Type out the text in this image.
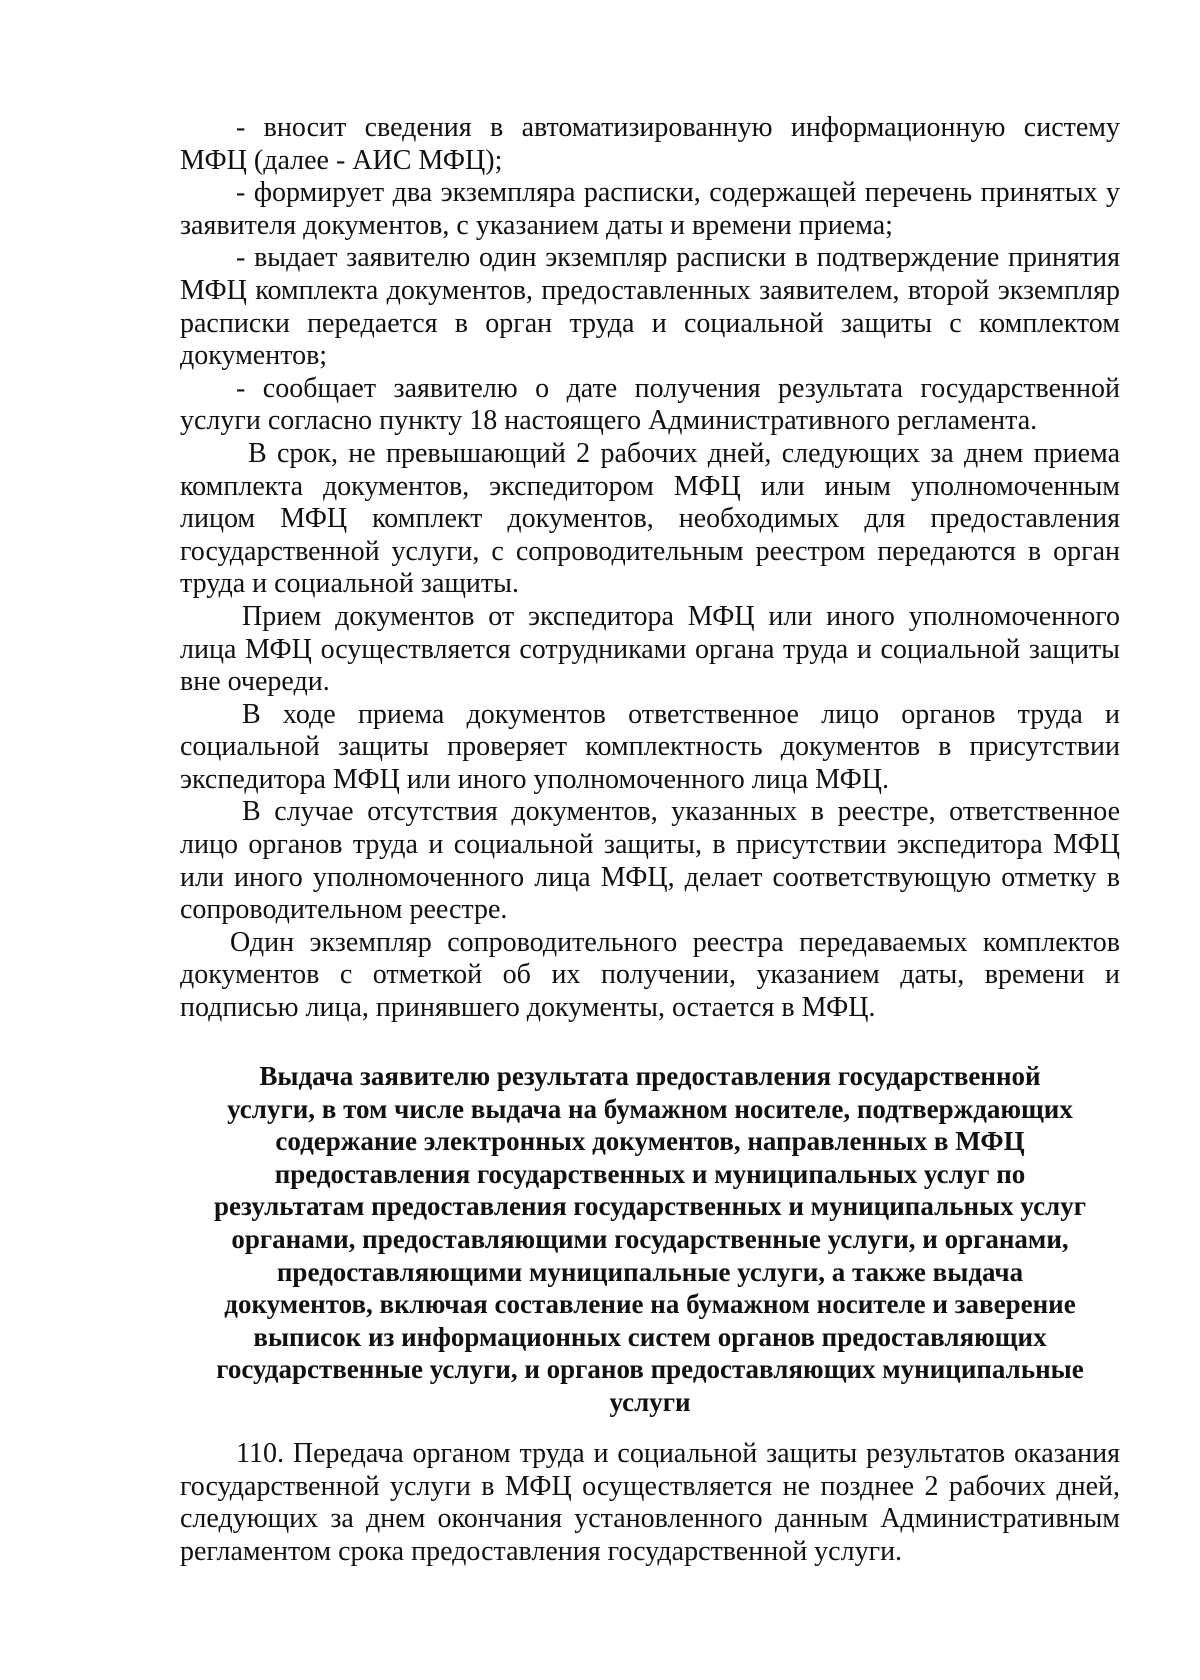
- вносит сведения в автоматизированную информационную систему МФЦ (далее - АИС МФЦ);

- формирует два экземпляра расписки, содержащей перечень принятых у заявителя документов, с указанием даты и времени приема;

- выдает заявителю один экземпляр расписки в подтверждение принятия МФЦ комплекта документов, предоставленных заявителем, второй экземпляр расписки передается в орган труда и социальной защиты с комплектом документов;

- сообщает заявителю о дате получения результата государственной услуги согласно пункту 18 настоящего Административного регламента.

В срок, не превышающий 2 рабочих дней, следующих за днем приема комплекта документов, экспедитором МФЦ или иным уполномоченным лицом МФЦ комплект документов, необходимых для предоставления государственной услуги, с сопроводительным реестром передаются в орган труда и социальной защиты.

Прием документов от экспедитора МФЦ или иного уполномоченного лица МФЦ осуществляется сотрудниками органа труда и социальной защиты вне очереди.

В ходе приема документов ответственное лицо органов труда и социальной защиты проверяет комплектность документов в присутствии экспедитора МФЦ или иного уполномоченного лица МФЦ.

В случае отсутствия документов, указанных в реестре, ответственное лицо органов труда и социальной защиты, в присутствии экспедитора МФЦ или иного уполномоченного лица МФЦ, делает соответствующую отметку в сопроводительном реестре.

Один экземпляр сопроводительного реестра передаваемых комплектов документов с отметкой об их получении, указанием даты, времени и подписью лица, принявшего документы, остается в МФЦ.

Выдача заявителю результата предоставления государственной
услуги, в том числе выдача на бумажном носителе, подтверждающих
содержание электронных документов, направленных в МФЦ
предоставления государственных и муниципальных услуг по
результатам предоставления государственных и муниципальных услуг
органами, предоставляющими государственные услуги, и органами,
предоставляющими муниципальные услуги, а также выдача
документов, включая составление на бумажном носителе и заверение
выписок из информационных систем органов предоставляющих
государственные услуги, и органов предоставляющих муниципальные
услуги

110. Передача органом труда и социальной защиты результатов оказания государственной услуги в МФЦ осуществляется не позднее 2 рабочих дней, следующих за днем окончания установленного данным Административным регламентом срока предоставления государственной услуги.
